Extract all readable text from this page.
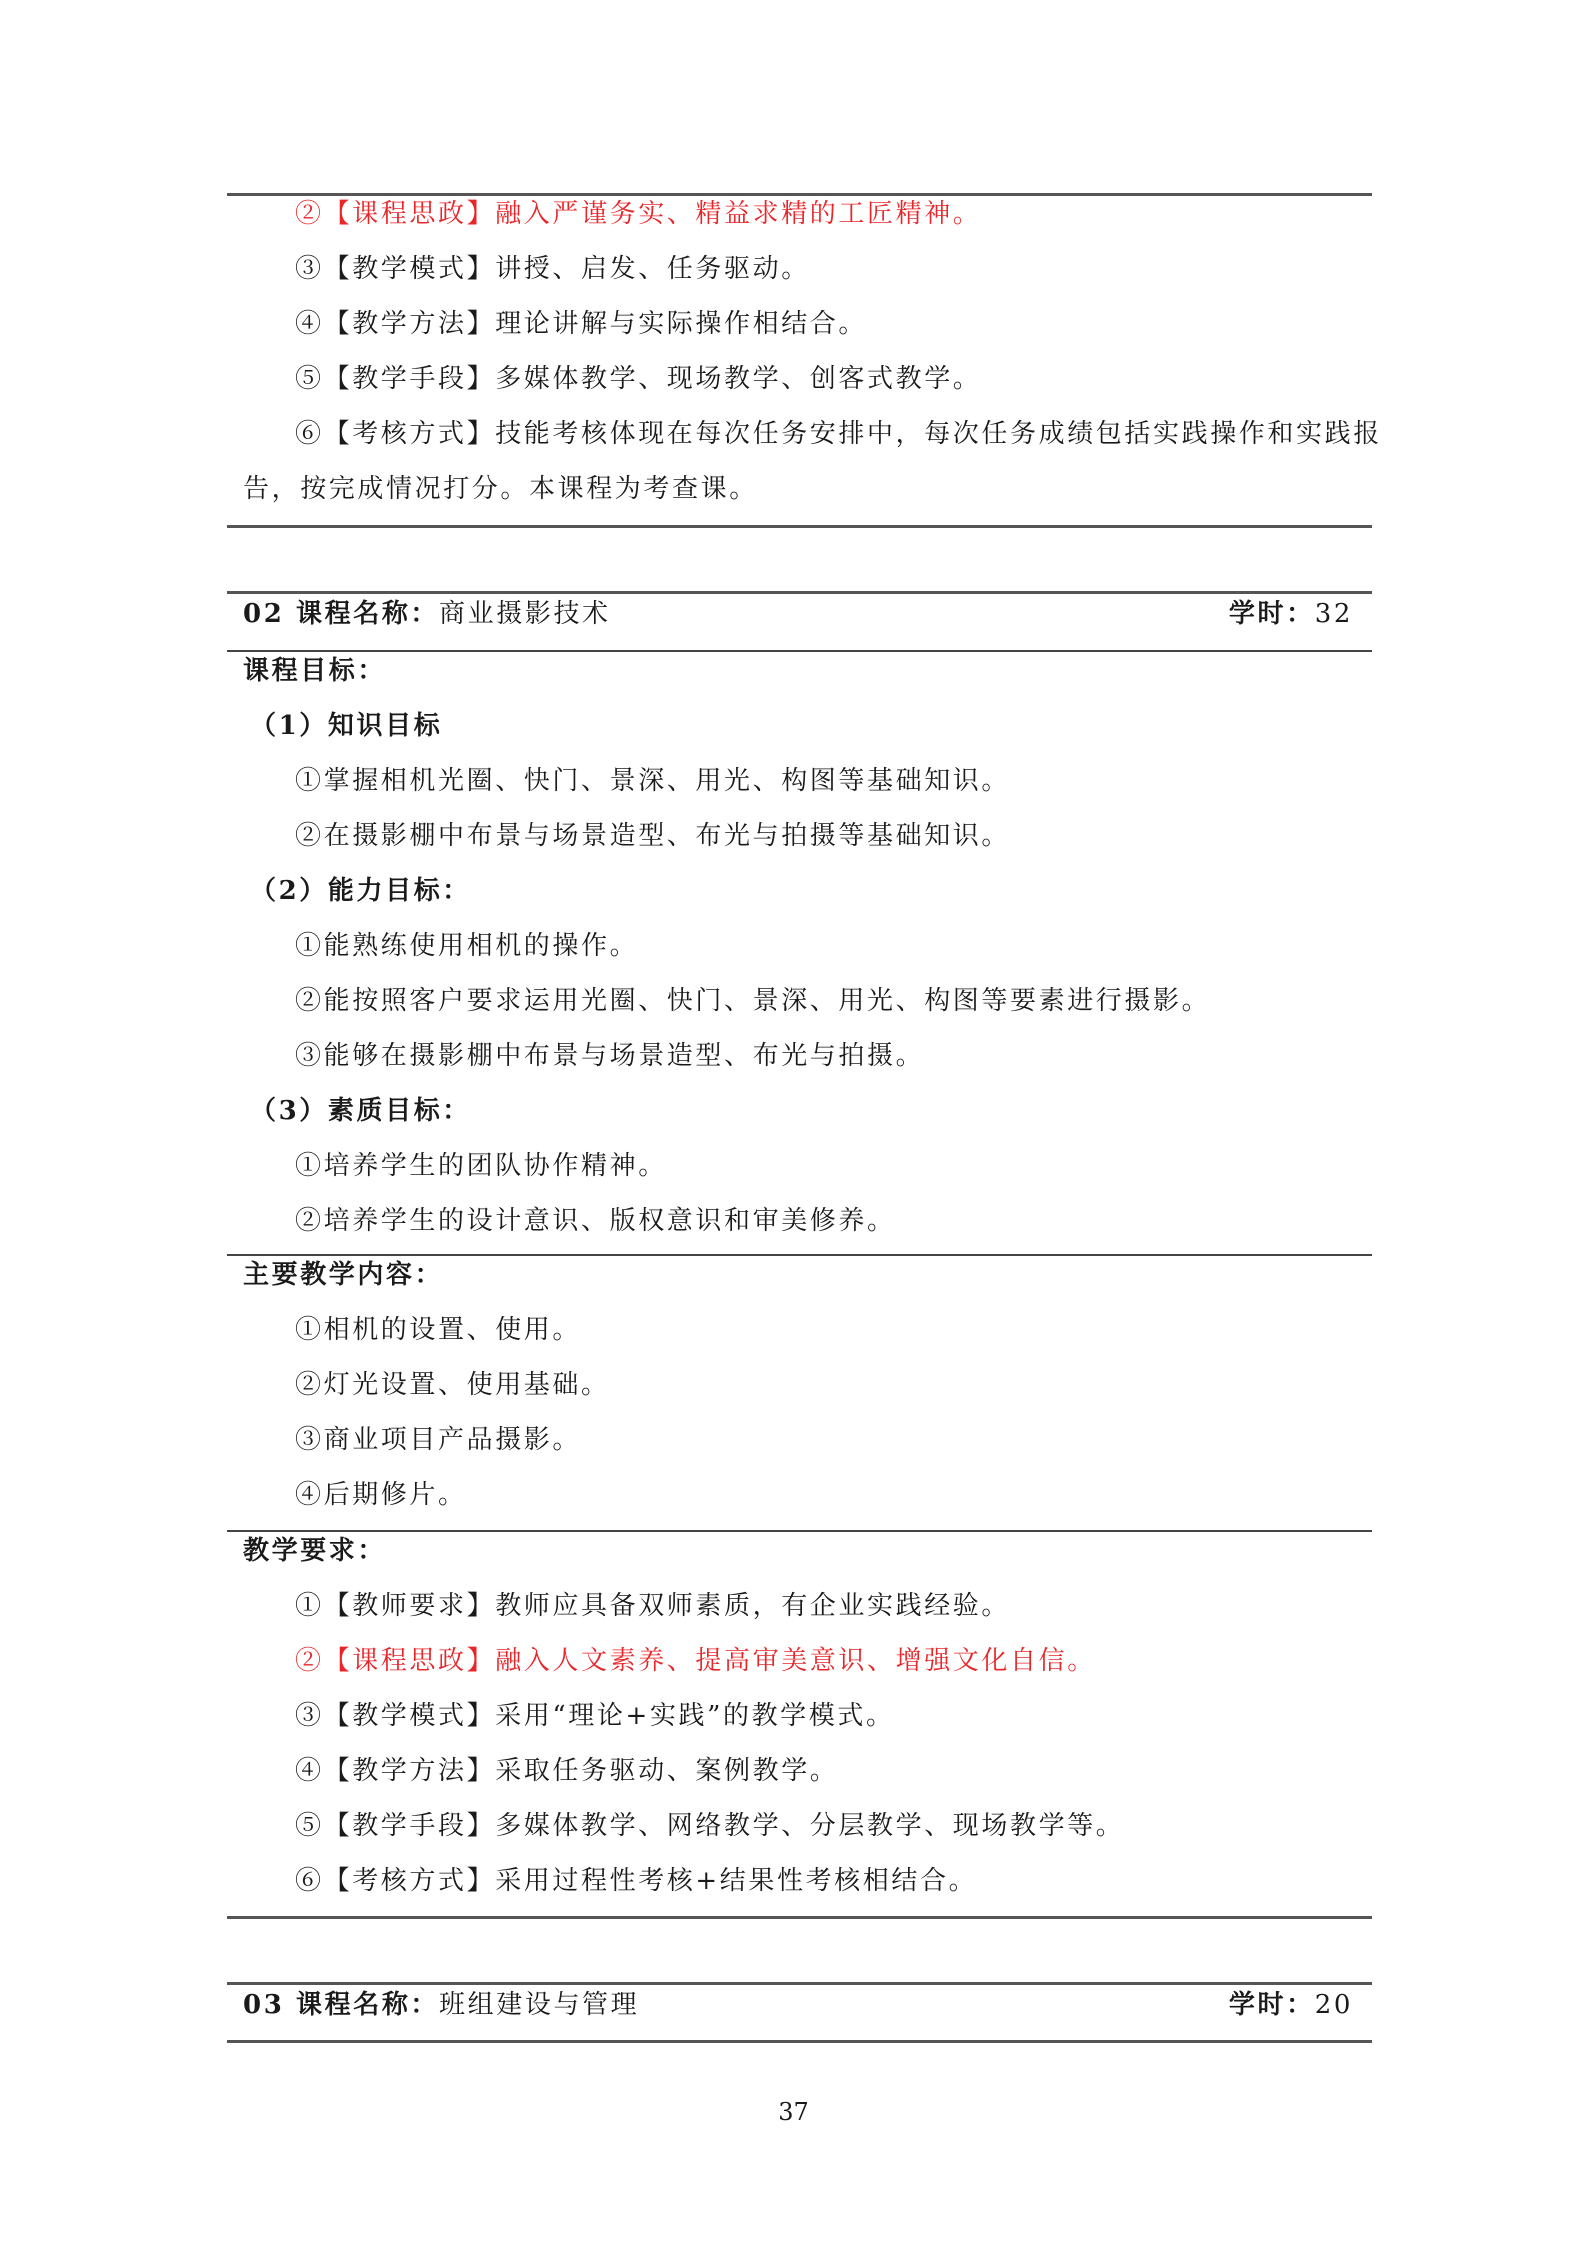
②【课程思政】融入严谨务实、精益求精的工匠精神。
③【教学模式】讲授、启发、任务驱动。
④【教学方法】理论讲解与实际操作相结合。
⑤【教学手段】多媒体教学、现场教学、创客式教学。
⑥【考核方式】技能考核体现在每次任务安排中，每次任务成绩包括实践操作和实践报
告，按完成情况打分。本课程为考查课。
02 课程名称：商业摄影技术	学时：32
课程目标：
（1）知识目标
①掌握相机光圈、快门、景深、用光、构图等基础知识。
②在摄影棚中布景与场景造型、布光与拍摄等基础知识。
（2）能力目标：
①能熟练使用相机的操作。
②能按照客户要求运用光圈、快门、景深、用光、构图等要素进行摄影。
③能够在摄影棚中布景与场景造型、布光与拍摄。
（3）素质目标：
①培养学生的团队协作精神。
②培养学生的设计意识、版权意识和审美修养。
主要教学内容：
①相机的设置、使用。
②灯光设置、使用基础。
③商业项目产品摄影。
④后期修片。
教学要求：
①【教师要求】教师应具备双师素质，有企业实践经验。
②【课程思政】融入人文素养、提高审美意识、增强文化自信。
③【教学模式】采用“理论+实践”的教学模式。
④【教学方法】采取任务驱动、案例教学。
⑤【教学手段】多媒体教学、网络教学、分层教学、现场教学等。
⑥【考核方式】采用过程性考核+结果性考核相结合。
03 课程名称：班组建设与管理	学时：20
37
